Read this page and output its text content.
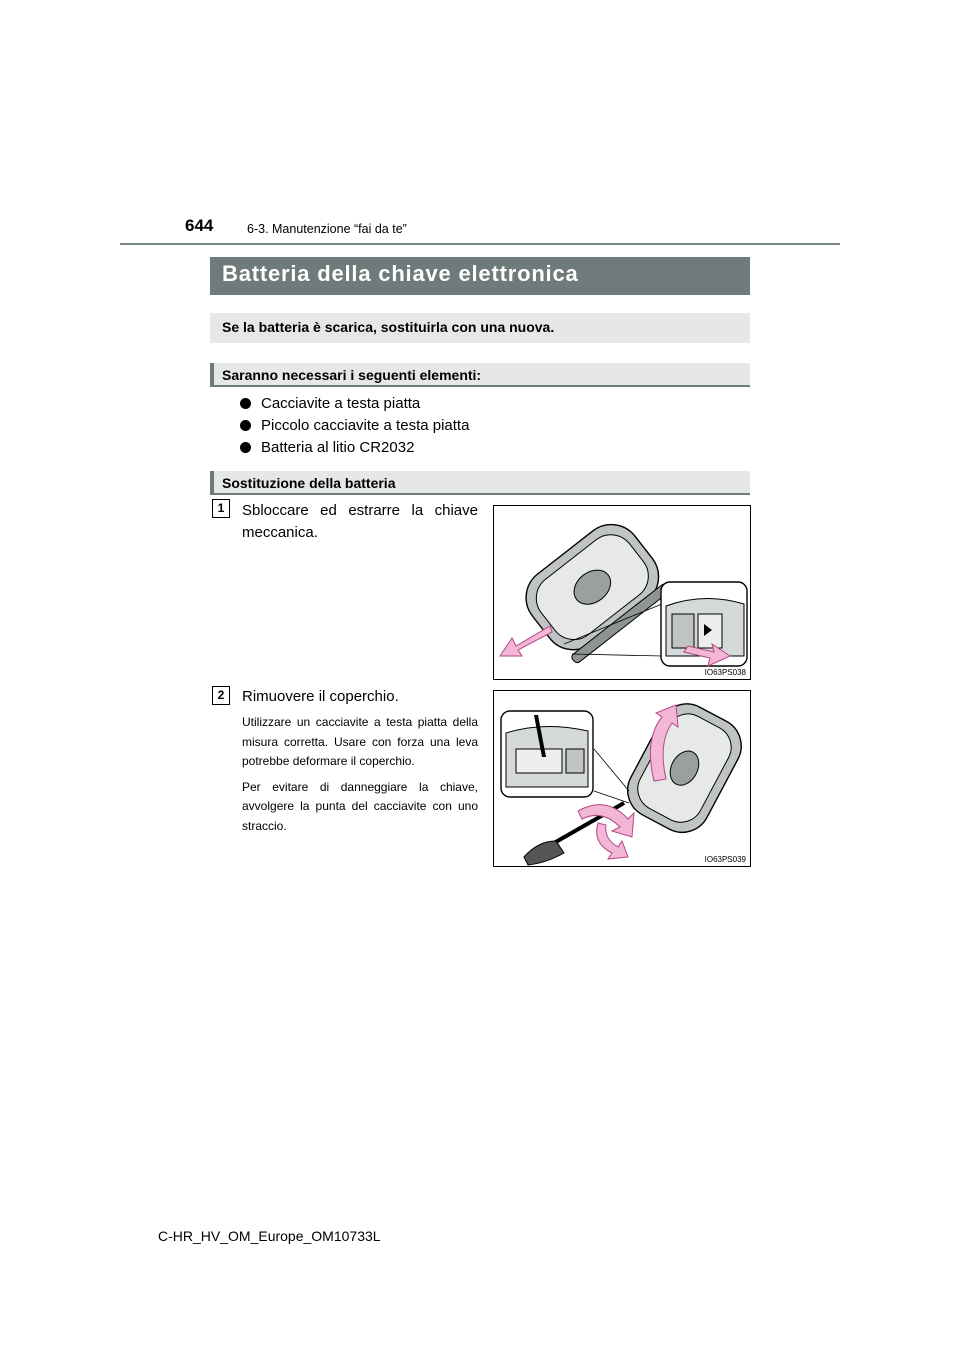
644	6-3. Manutenzione “fai da te”
Batteria della chiave elettronica
Se la batteria è scarica, sostituirla con una nuova.
Saranno necessari i seguenti elementi:
Cacciavite a testa piatta
Piccolo cacciavite a testa piatta
Batteria al litio CR2032
Sostituzione della batteria
1	Sbloccare ed estrarre la chiave meccanica.
IO63PS038
2	Rimuovere il coperchio.

Utilizzare un cacciavite a testa piatta della misura corretta. Usare con forza una leva potrebbe deformare il coperchio.

Per evitare di danneggiare la chiave, avvolgere la punta del cacciavite con uno straccio.

IO63PS039
C-HR_HV_OM_Europe_OM10733L
